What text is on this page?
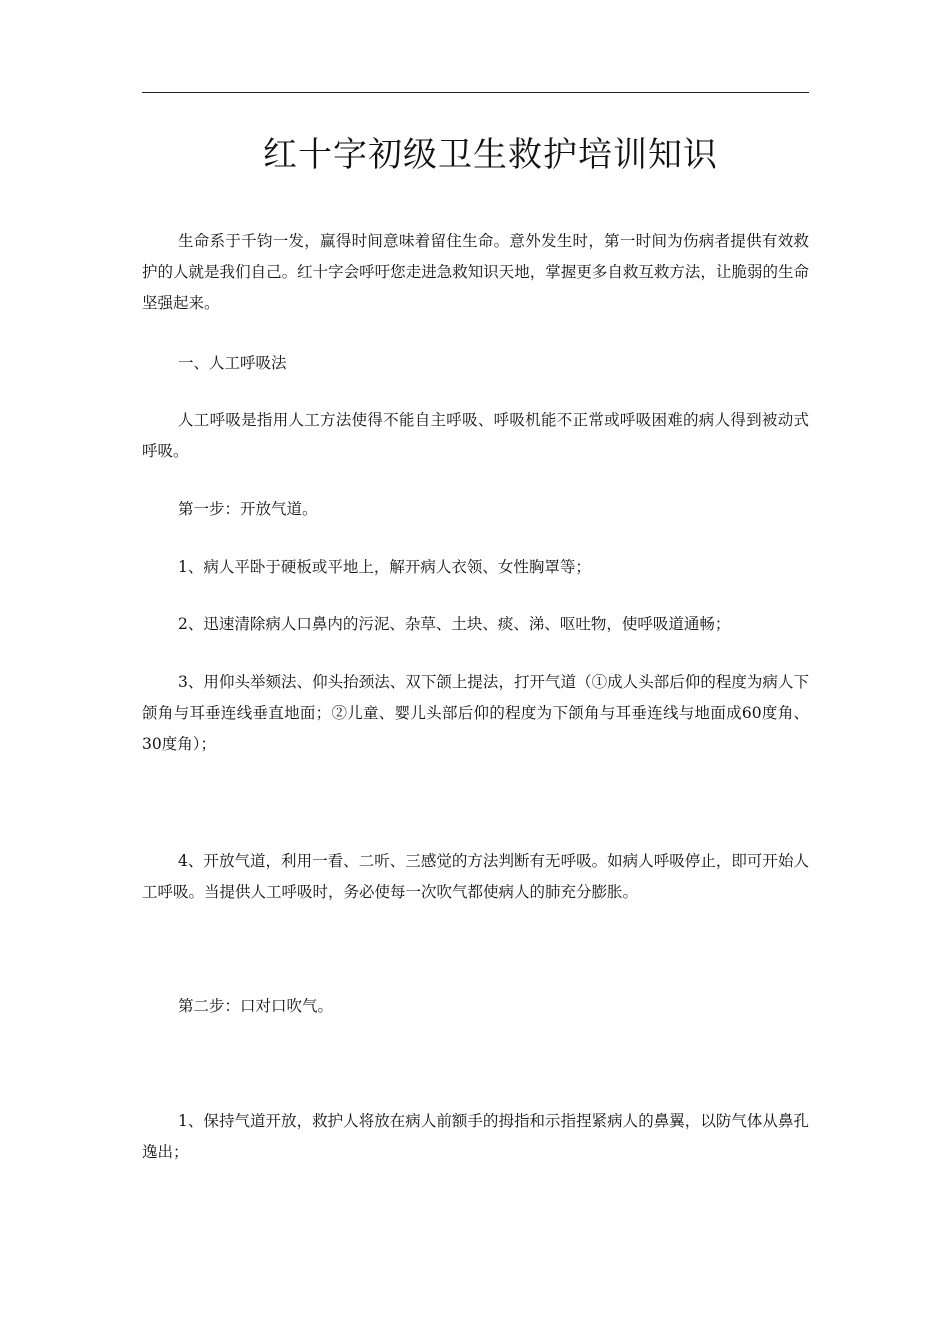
红十字初级卫生救护培训知识

生命系于千钧一发，赢得时间意味着留住生命。意外发生时，第一时间为伤病者提供有效救护的人就是我们自己。红十字会呼吁您走进急救知识天地，掌握更多自救互救方法，让脆弱的生命坚强起来。

一、人工呼吸法

人工呼吸是指用人工方法使得不能自主呼吸、呼吸机能不正常或呼吸困难的病人得到被动式呼吸。

第一步：开放气道。

1、病人平卧于硬板或平地上，解开病人衣领、女性胸罩等；

2、迅速清除病人口鼻内的污泥、杂草、土块、痰、涕、呕吐物，使呼吸道通畅；

3、用仰头举颏法、仰头抬颈法、双下颌上提法，打开气道（①成人头部后仰的程度为病人下颌角与耳垂连线垂直地面；②儿童、婴儿头部后仰的程度为下颌角与耳垂连线与地面成60度角、30度角）；

4、开放气道，利用一看、二听、三感觉的方法判断有无呼吸。如病人呼吸停止，即可开始人工呼吸。当提供人工呼吸时，务必使每一次吹气都使病人的肺充分膨胀。

第二步：口对口吹气。

1、保持气道开放，救护人将放在病人前额手的拇指和示指捏紧病人的鼻翼，以防气体从鼻孔逸出；
